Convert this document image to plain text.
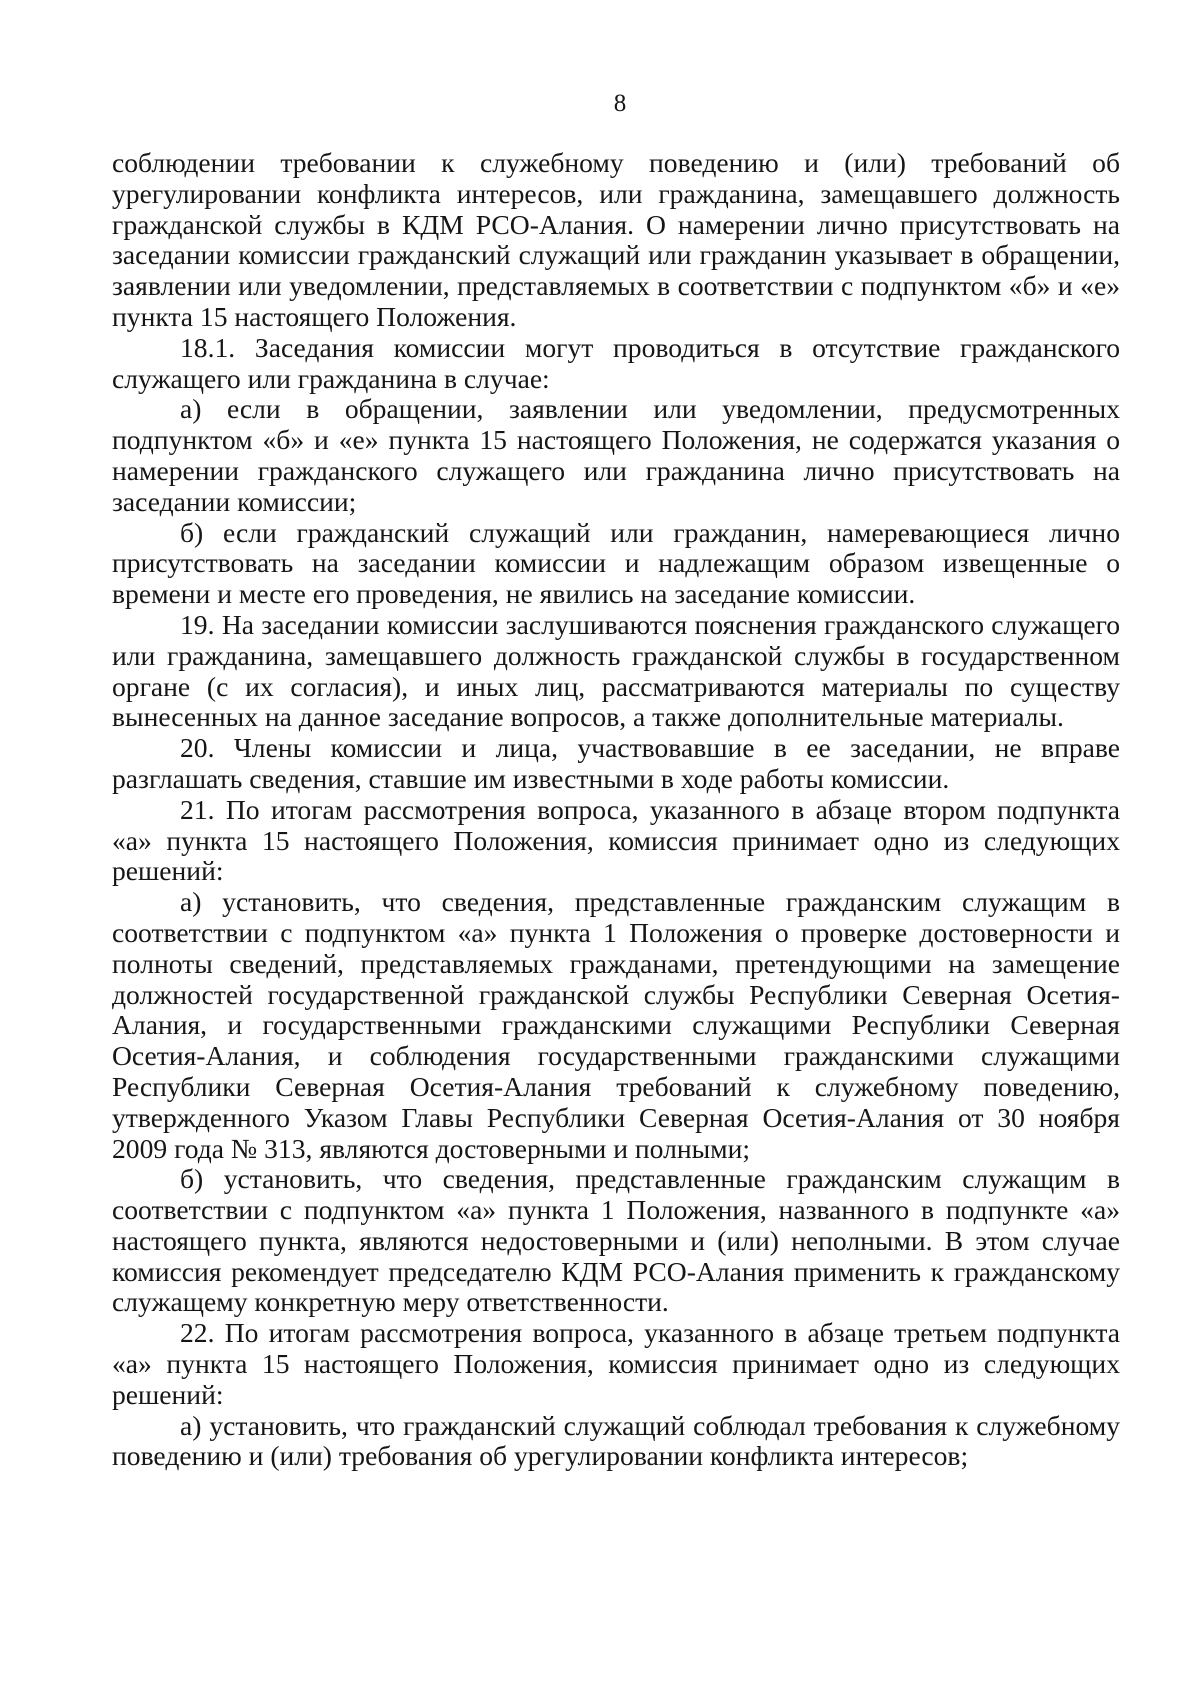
8

соблюдении требовании к служебному поведению и (или) требований об урегулировании конфликта интересов, или гражданина, замещавшего должность гражданской службы в КДМ РСО-Алания. О намерении лично присутствовать на заседании комиссии гражданский служащий или гражданин указывает в обращении, заявлении или уведомлении, представляемых в соответствии с подпунктом «б» и «е» пункта 15 настоящего Положения.

18.1. Заседания комиссии могут проводиться в отсутствие гражданского служащего или гражданина в случае:

а) если в обращении, заявлении или уведомлении, предусмотренных подпунктом «б» и «е» пункта 15 настоящего Положения, не содержатся указания о намерении гражданского служащего или гражданина лично присутствовать на заседании комиссии;

б) если гражданский служащий или гражданин, намеревающиеся лично присутствовать на заседании комиссии и надлежащим образом извещенные о времени и месте его проведения, не явились на заседание комиссии.

19. На заседании комиссии заслушиваются пояснения гражданского служащего или гражданина, замещавшего должность гражданской службы в государственном органе (с их согласия), и иных лиц, рассматриваются материалы по существу вынесенных на данное заседание вопросов, а также дополнительные материалы.

20. Члены комиссии и лица, участвовавшие в ее заседании, не вправе разглашать сведения, ставшие им известными в ходе работы комиссии.

21. По итогам рассмотрения вопроса, указанного в абзаце втором подпункта «а» пункта 15 настоящего Положения, комиссия принимает одно из следующих решений:

а) установить, что сведения, представленные гражданским служащим в соответствии с подпунктом «а» пункта 1 Положения о проверке достоверности и полноты сведений, представляемых гражданами, претендующими на замещение должностей государственной гражданской службы Республики Северная Осетия-Алания, и государственными гражданскими служащими Республики Северная Осетия-Алания, и соблюдения государственными гражданскими служащими Республики Северная Осетия-Алания требований к служебному поведению, утвержденного Указом Главы Республики Северная Осетия-Алания от 30 ноября 2009 года № 313, являются достоверными и полными;

б) установить, что сведения, представленные гражданским служащим в соответствии с подпунктом «а» пункта 1 Положения, названного в подпункте «а» настоящего пункта, являются недостоверными и (или) неполными. В этом случае комиссия рекомендует председателю КДМ РСО-Алания применить к гражданскому служащему конкретную меру ответственности.

22. По итогам рассмотрения вопроса, указанного в абзаце третьем подпункта «а» пункта 15 настоящего Положения, комиссия принимает одно из следующих решений:

а) установить, что гражданский служащий соблюдал требования к служебному поведению и (или) требования об урегулировании конфликта интересов;
